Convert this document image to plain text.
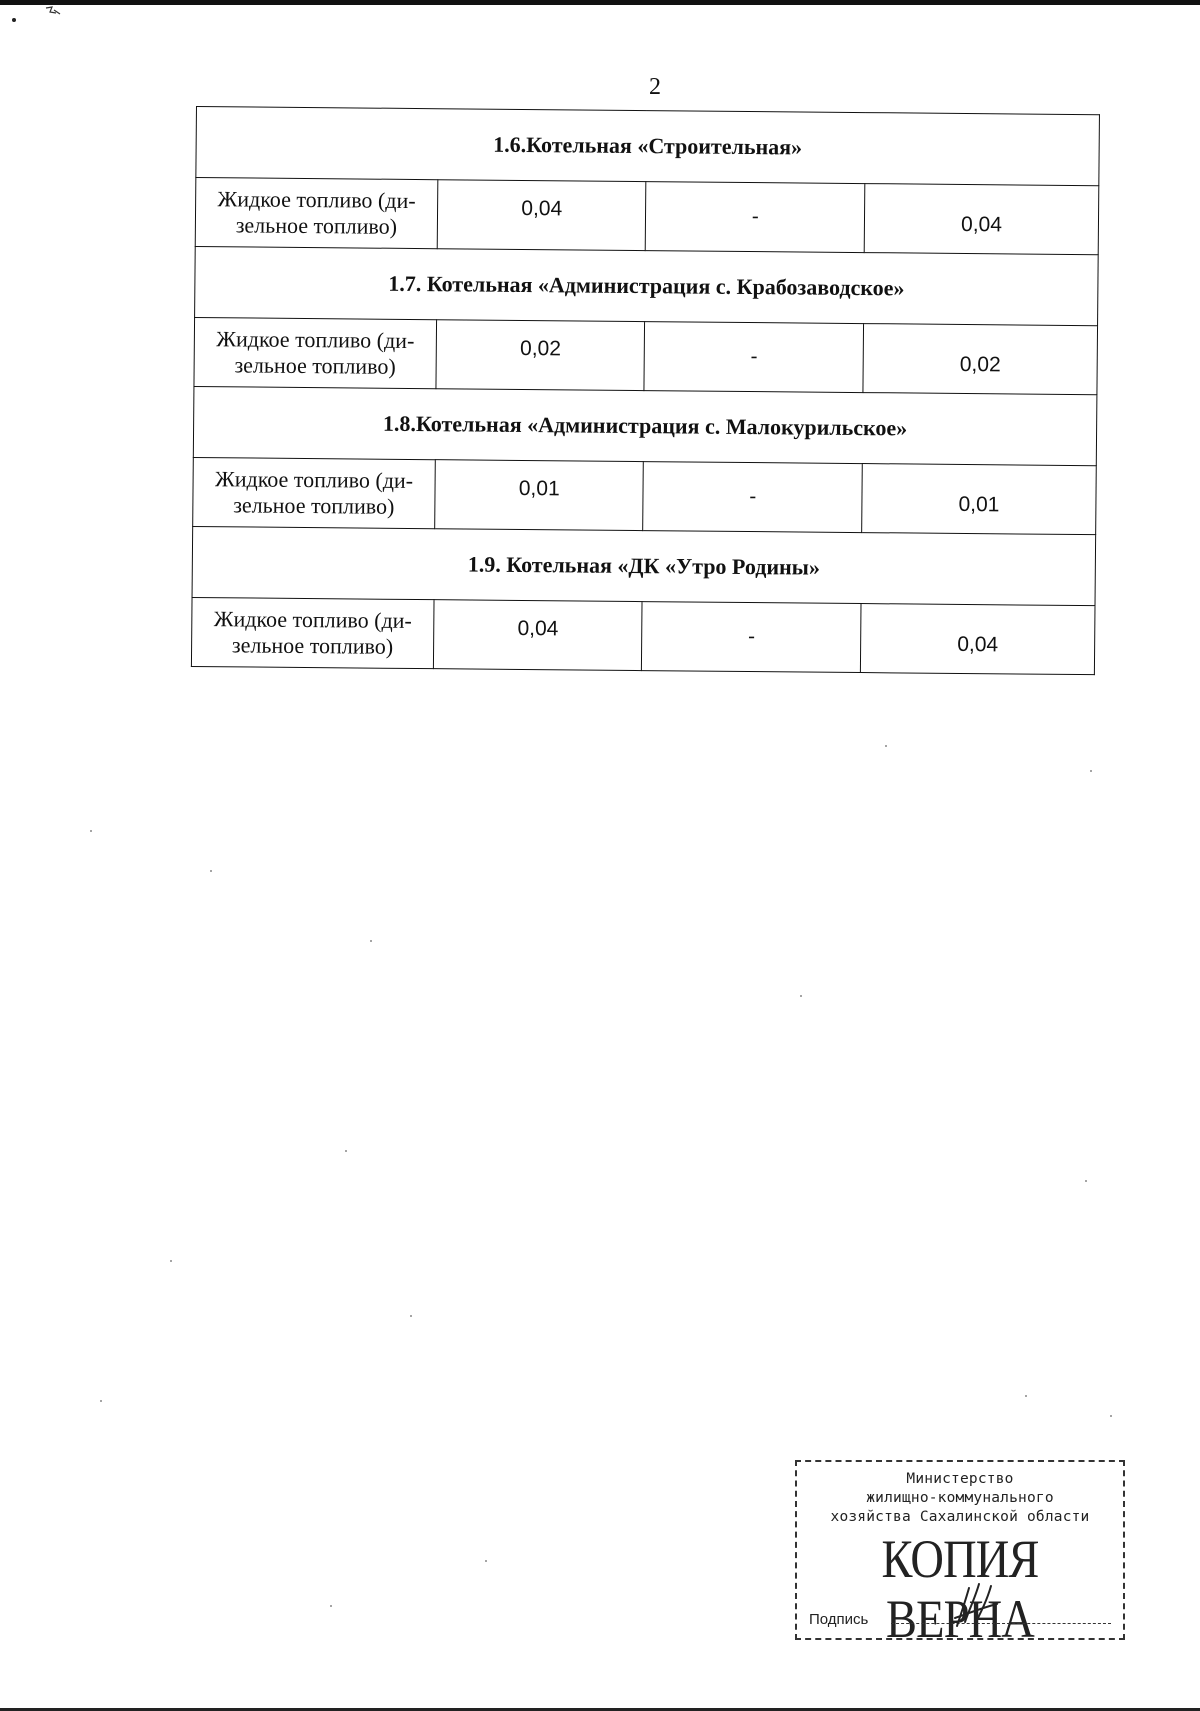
2
1.6.Котельная «Строительная»			
Жидкое топливо (ди-зельное топливо)	0,04	-	0,04
1.7. Котельная «Администрация с. Крабозаводское»			
Жидкое топливо (ди-зельное топливо)	0,02	-	0,02
1.8.Котельная «Администрация с. Малокурильское»			
Жидкое топливо (ди-зельное топливо)	0,01	-	0,01
1.9. Котельная «ДК «Утро Родины»			
Жидкое топливо (ди-зельное топливо)	0,04	-	0,04
Министерство
жилищно-коммунального
хозяйства Сахалинской области
КОПИЯ ВЕРНА
Подпись
